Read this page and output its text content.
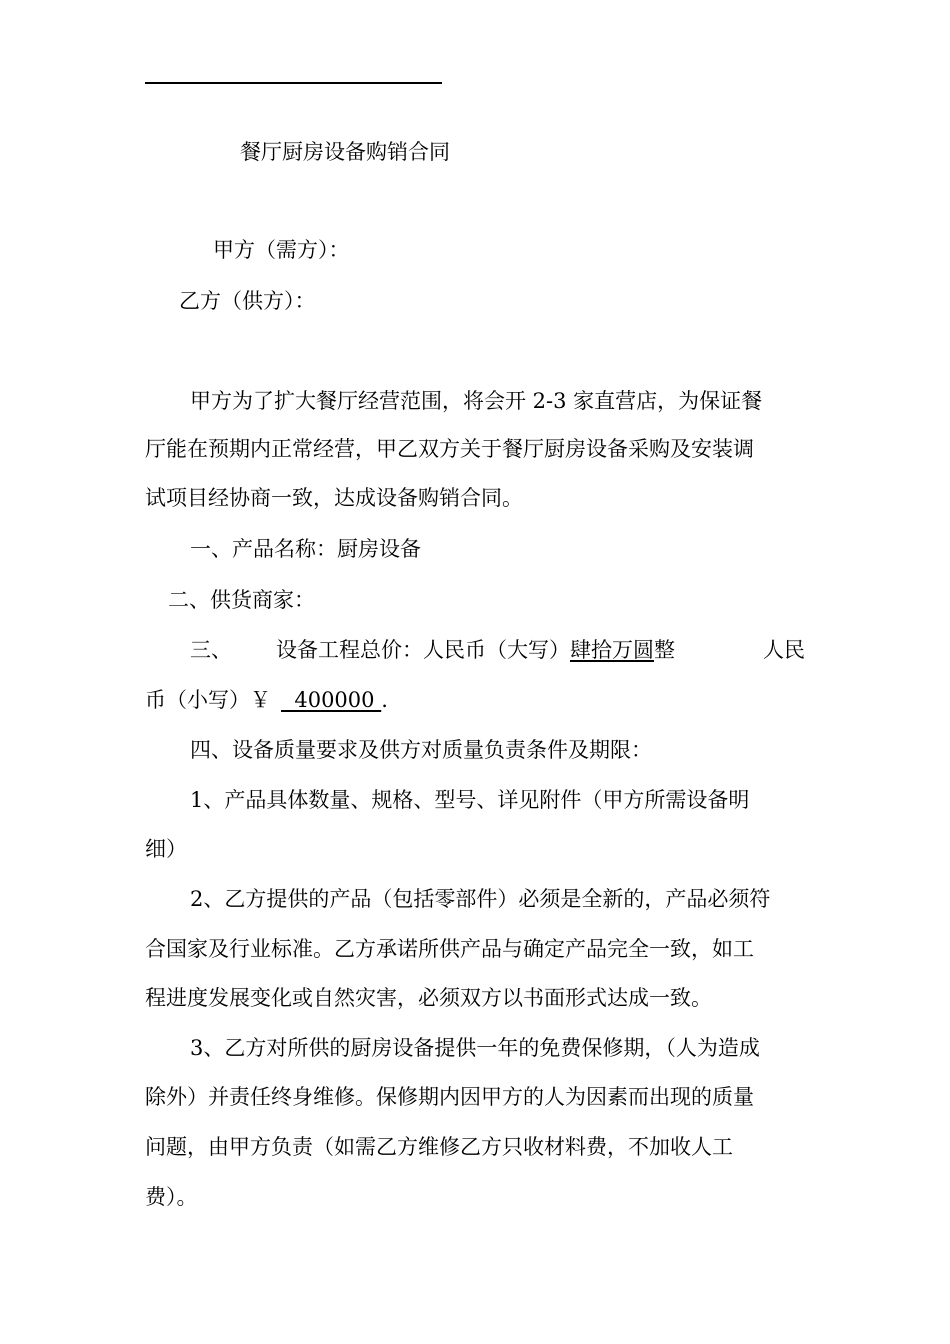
餐厅厨房设备购销合同
甲方（需方）：
乙方（供方）：
甲方为了扩大餐厅经营范围，将会开 2-3 家直营店，为保证餐
厅能在预期内正常经营，甲乙双方关于餐厅厨房设备采购及安装调
试项目经协商一致，达成设备购销合同。
一、产品名称：厨房设备
二、供货商家：
三、 设备工程总价：人民币（大写）肆拾万圆整	人民
币（小写）￥  400000 .
四、设备质量要求及供方对质量负责条件及期限：
1、产品具体数量、规格、型号、详见附件（甲方所需设备明
细）
2、乙方提供的产品（包括零部件）必须是全新的，产品必须符
合国家及行业标准。乙方承诺所供产品与确定产品完全一致，如工
程进度发展变化或自然灾害，必须双方以书面形式达成一致。
3、乙方对所供的厨房设备提供一年的免费保修期，（人为造成
除外）并责任终身维修。保修期内因甲方的人为因素而出现的质量
问题，由甲方负责（如需乙方维修乙方只收材料费，不加收人工
费）。
